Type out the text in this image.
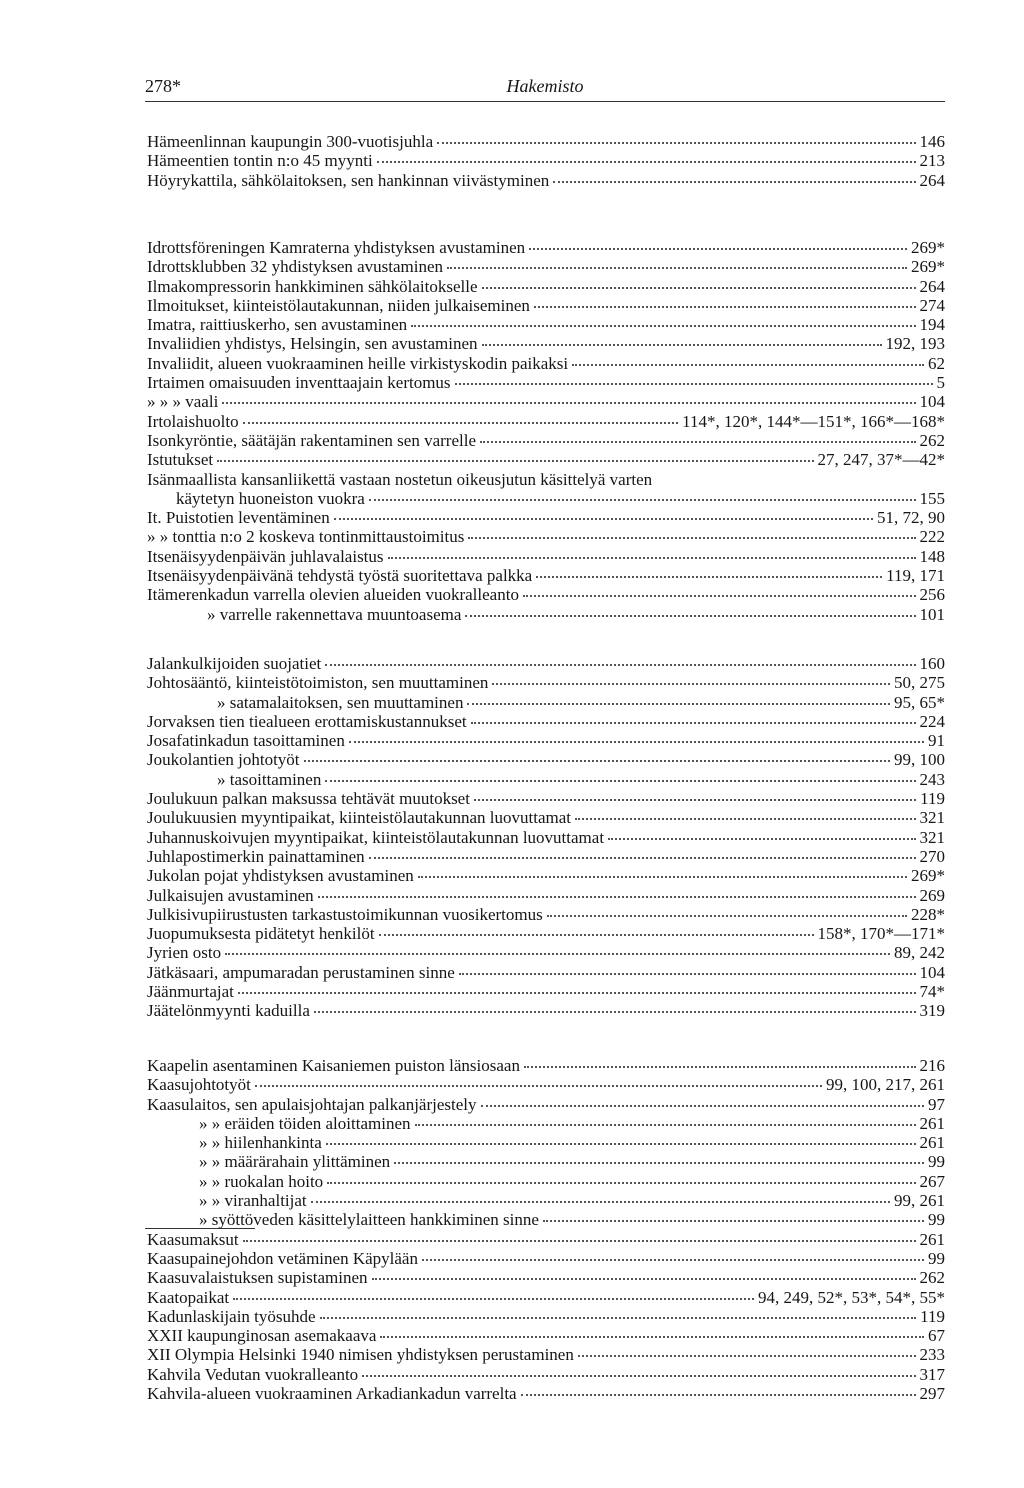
278*	Hakemisto
Hämeenlinnan kaupungin 300-vuotisjuhla	146
Hämeentien tontin n:o 45 myynti	213
Höyrykattila, sähkölaitoksen, sen hankinnan viivästyminen	264
Idrottsföreningen Kamraterna yhdistyksen avustaminen	269*
Idrottsklubben 32 yhdistyksen avustaminen	269*
Ilmakompressorin hankkiminen sähkölaitokselle	264
Ilmoitukset, kiinteistölautakunnan, niiden julkaiseminen	274
Imatra, raittiuskerho, sen avustaminen	194
Invaliidien yhdistys, Helsingin, sen avustaminen	192, 193
Invaliidit, alueen vuokraaminen heille virkistyskodin paikaksi	62
Irtaimen omaisuuden inventtaajain kertomus	5
» » » vaali	104
Irtolaishuolto	114*, 120*, 144*—151*, 166*—168*
Isonkyröntie, säätäjän rakentaminen sen varrelle	262
Istutukset	27, 247, 37*—42*
Isänmaallista kansanliikettä vastaan nostetun oikeusjutun käsittelyä varten
käytetyn huoneiston vuokra	155
It. Puistotien leventäminen	51, 72, 90
» » tonttia n:o 2 koskeva tontinmittaustoimitus	222
Itsenäisyydenpäivän juhlavalaistus	148
Itsenäisyydenpäivänä tehdystä työstä suoritettava palkka	119, 171
Itämerenkadun varrella olevien alueiden vuokralleanto	256
» varrelle rakennettava muuntoasema	101
Jalankulkijoiden suojatiet	160
Johtosääntö, kiinteistötoimiston, sen muuttaminen	50, 275
» satamalaitoksen, sen muuttaminen	95, 65*
Jorvaksen tien tiealueen erottamiskustannukset	224
Josafatinkadun tasoittaminen	91
Joukolantien johtotyöt	99, 100
» tasoittaminen	243
Joulukuun palkan maksussa tehtävät muutokset	119
Joulukuusien myyntipaikat, kiinteistölautakunnan luovuttamat	321
Juhannuskoivujen myyntipaikat, kiinteistölautakunnan luovuttamat	321
Juhlapostimerkin painattaminen	270
Jukolan pojat yhdistyksen avustaminen	269*
Julkaisujen avustaminen	269
Julkisivupiirustusten tarkastustoimikunnan vuosikertomus	228*
Juopumuksesta pidätetyt henkilöt	158*, 170*—171*
Jyrien osto	89, 242
Jätkäsaari, ampumaradan perustaminen sinne	104
Jäänmurtajat	74*
Jäätelönmyynti kaduilla	319
Kaapelin asentaminen Kaisaniemen puiston länsiosaan	216
Kaasujohtotyöt	99, 100, 217, 261
Kaasulaitos, sen apulaisjohtajan palkanjärjestely	97
» » eräiden töiden aloittaminen	261
» » hiilenhankinta	261
» » määrärahain ylittäminen	99
» » ruokalan hoito	267
» » viranhaltijat	99, 261
» syöttöveden käsittelylaitteen hankkiminen sinne	99
Kaasumaksut	261
Kaasupainejohdon vetäminen Käpylään	99
Kaasuvalaistuksen supistaminen	262
Kaatopaikat	94, 249, 52*, 53*, 54*, 55*
Kadunlaskijain työsuhde	119
XXII kaupunginosan asemakaava	67
XII Olympia Helsinki 1940 nimisen yhdistyksen perustaminen	233
Kahvila Vedutan vuokralleanto	317
Kahvila-alueen vuokraaminen Arkadiankadun varrelta	297
